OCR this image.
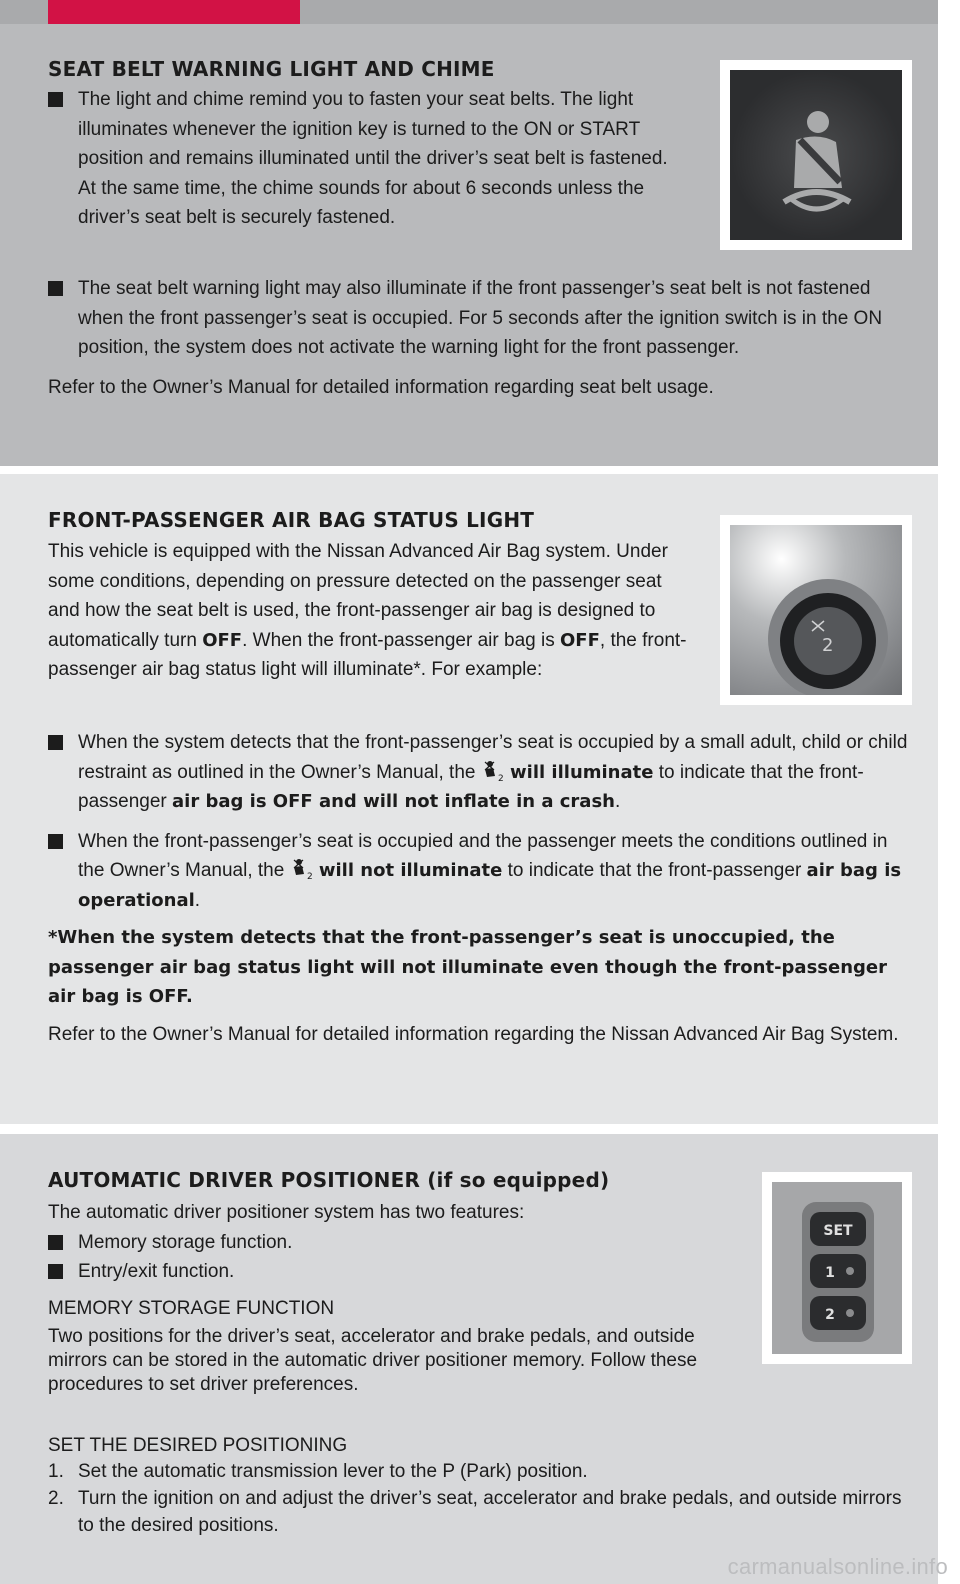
SEAT BELT WARNING LIGHT AND CHIME
The light and chime remind you to fasten your seat belts. The light illuminates whenever the ignition key is turned to the ON or START position and remains illuminated until the driver’s seat belt is fastened. At the same time, the chime sounds for about 6 seconds unless the driver’s seat belt is securely fastened.
The seat belt warning light may also illuminate if the front passenger’s seat belt is not fastened when the front passenger’s seat is occupied. For 5 seconds after the ignition switch is in the ON position, the system does not activate the warning light for the front passenger.

Refer to the Owner’s Manual for detailed information regarding seat belt usage.

FRONT-PASSENGER AIR BAG STATUS LIGHT

This vehicle is equipped with the Nissan Advanced Air Bag system. Under some conditions, depending on pressure detected on the passenger seat and how the seat belt is used, the front-passenger air bag is designed to automatically turn OFF. When the front-passenger air bag is OFF, the front-passenger air bag status light will illuminate*. For example:

When the system detects that the front-passenger’s seat is occupied by a small adult, child or child restraint as outlined in the Owner’s Manual, the 2 will illuminate to indicate that the front-passenger air bag is OFF and will not inflate in a crash.
When the front-passenger’s seat is occupied and the passenger meets the conditions outlined in the Owner’s Manual, the 2 will not illuminate to indicate that the front-passenger air bag is operational.

*When the system detects that the front-passenger’s seat is unoccupied, the passenger air bag status light will not illuminate even though the front-passenger air bag is OFF.

Refer to the Owner’s Manual for detailed information regarding the Nissan Advanced Air Bag System.

2
AUTOMATIC DRIVER POSITIONER (if so equipped)

The automatic driver positioner system has two features:

Memory storage function.
Entry/exit function.

MEMORY STORAGE FUNCTION

Two positions for the driver’s seat, accelerator and brake pedals, and outside mirrors can be stored in the automatic driver positioner memory. Follow these procedures to set driver preferences.

SET THE DESIRED POSITIONING

1. Set the automatic transmission lever to the P (Park) position.
2. Turn the ignition on and adjust the driver’s seat, accelerator and brake pedals, and outside mirrors to the desired positions.
SET
1
2
carmanualsonline.info
